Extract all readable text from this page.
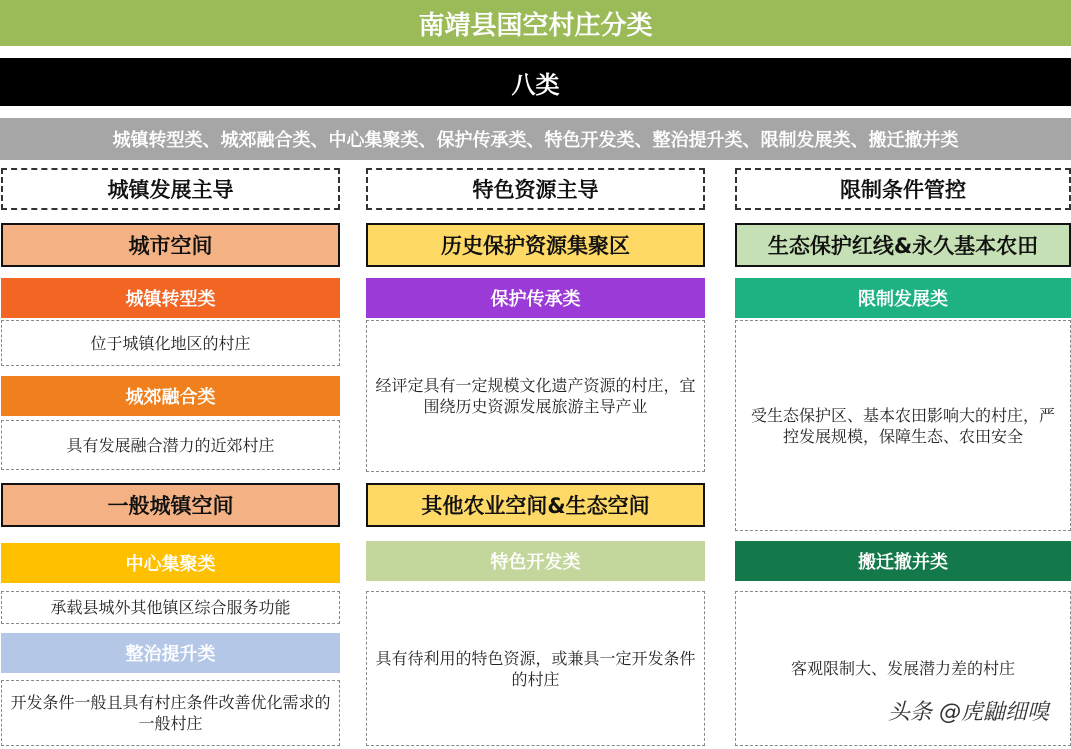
南靖县国空村庄分类
八类
城镇转型类、城郊融合类、中心集聚类、保护传承类、特色开发类、整治提升类、限制发展类、搬迁撤并类
城镇发展主导
城市空间
城镇转型类
位于城镇化地区的村庄
城郊融合类
具有发展融合潜力的近郊村庄
一般城镇空间
中心集聚类
承载县城外其他镇区综合服务功能
整治提升类
开发条件一般且具有村庄条件改善优化需求的一般村庄
特色资源主导
历史保护资源集聚区
保护传承类
经评定具有一定规模文化遗产资源的村庄，宜围绕历史资源发展旅游主导产业
其他农业空间&生态空间
特色开发类
具有待利用的特色资源，或兼具一定开发条件的村庄
限制条件管控
生态保护红线&永久基本农田
限制发展类
受生态保护区、基本农田影响大的村庄，严控发展规模，保障生态、农田安全
搬迁撤并类
客观限制大、发展潜力差的村庄
头条 @虎鼬细嗅
